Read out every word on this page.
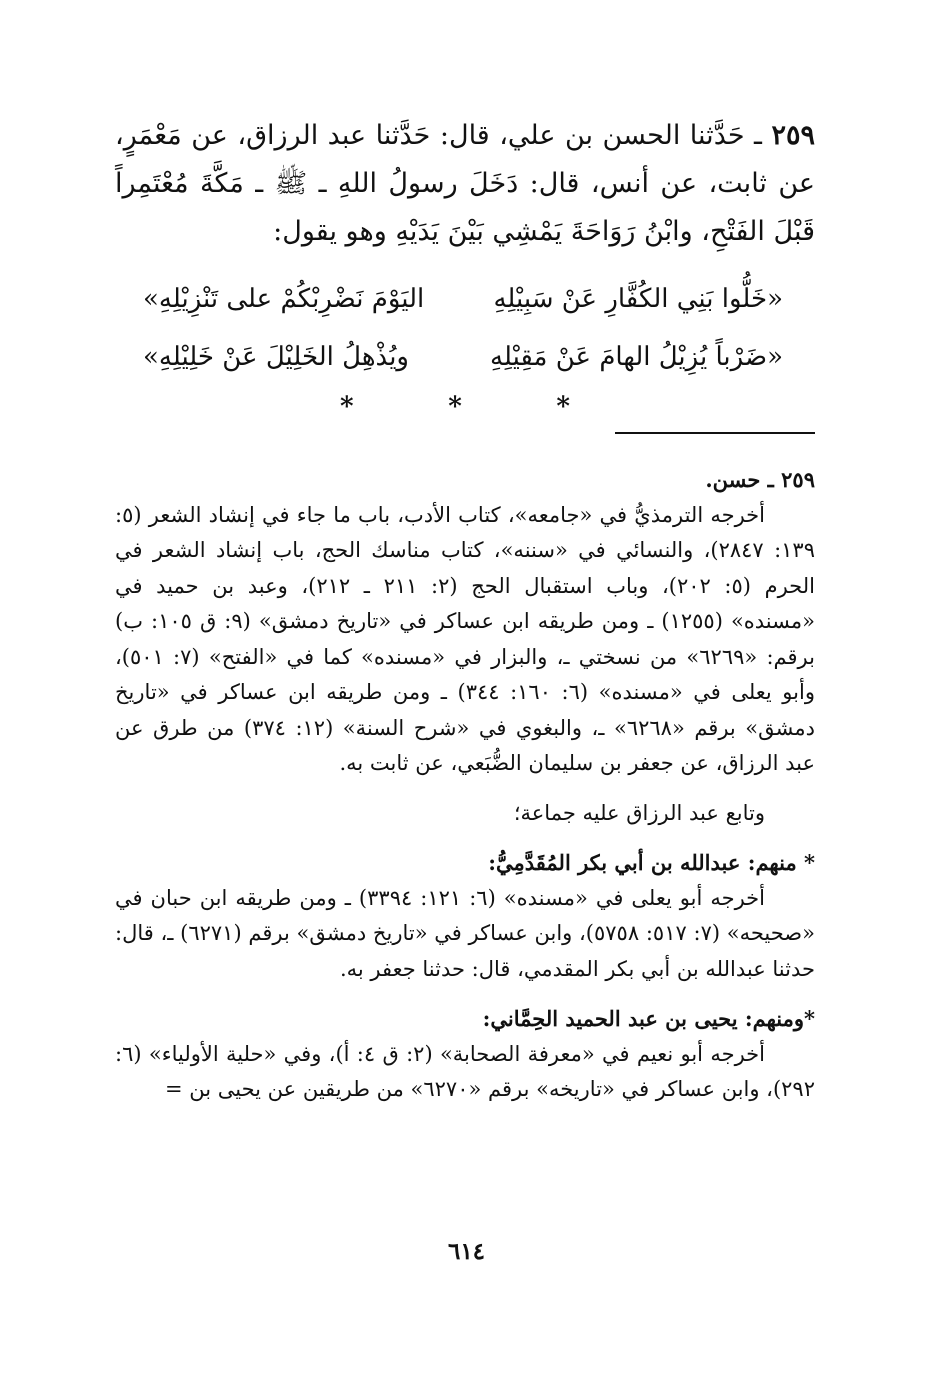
٢٥٩ ـ حَدَّثنا الحسن بن علي، قال: حَدَّثنا عبد الرزاق، عن مَعْمَرٍ، عن ثابت، عن أنس، قال: دَخَلَ رسولُ اللهِ ـ ﷺ ـ مَكَّةَ مُعْتَمِراً قَبْلَ الفَتْحِ، وابْنُ رَوَاحَةَ يَمْشِي بَيْنَ يَدَيْهِ وهو يقول:
«خَلُّوا بَنِي الكُفَّارِ عَنْ سَبِيْلِهِ
اليَوْمَ نَضْرِبْكُمْ على تَنْزِيْلِهِ»
«ضَرْباً يُزِيْلُ الهامَ عَنْ مَقِيْلِهِ
ويُذْهِلُ الخَلِيْلَ عَنْ خَلِيْلِهِ»
*
*
*

٢٥٩ ـ حسن.

أخرجه الترمذيُّ في «جامعه»، كتاب الأدب، باب ما جاء في إنشاد الشعر (٥: ١٣٩: ٢٨٤٧)، والنسائي في «سننه»، كتاب مناسك الحج، باب إنشاد الشعر في الحرم (٥: ٢٠٢)، وباب استقبال الحج (٢: ٢١١ ـ ٢١٢)، وعبد بن حميد في «مسنده» (١٢٥٥) ـ ومن طريقه ابن عساكر في «تاريخ دمشق» (٩: ق ١٠٥: ب) برقم: «٦٢٦٩» من نسختي ـ، والبزار في «مسنده» كما في «الفتح» (٧: ٥٠١)، وأبو يعلى في «مسنده» (٦: ١٦٠: ٣٤٤) ـ ومن طريقه ابن عساكر في «تاريخ دمشق» برقم «٦٢٦٨» ـ، والبغوي في «شرح السنة» (١٢: ٣٧٤) من طرق عن عبد الرزاق، عن جعفر بن سليمان الضُّبَعي، عن ثابت به.

وتابع عبد الرزاق عليه جماعة؛

* منهم: عبدالله بن أبي بكر المُقَدَّمِيُّ:

أخرجه أبو يعلى في «مسنده» (٦: ١٢١: ٣٣٩٤) ـ ومن طريقه ابن حبان في «صحيحه» (٧: ٥١٧: ٥٧٥٨)، وابن عساكر في «تاريخ دمشق» برقم (٦٢٧١) ـ، قال: حدثنا عبدالله بن أبي بكر المقدمي، قال: حدثنا جعفر به.

*ومنهم: يحيى بن عبد الحميد الحِمَّاني:

أخرجه أبو نعيم في «معرفة الصحابة» (٢: ق ٤: أ)، وفي «حلية الأولياء» (٦: ٢٩٢)، وابن عساكر في «تاريخه» برقم «٦٢٧٠» من طريقين عن يحيى بن =

٦١٤
